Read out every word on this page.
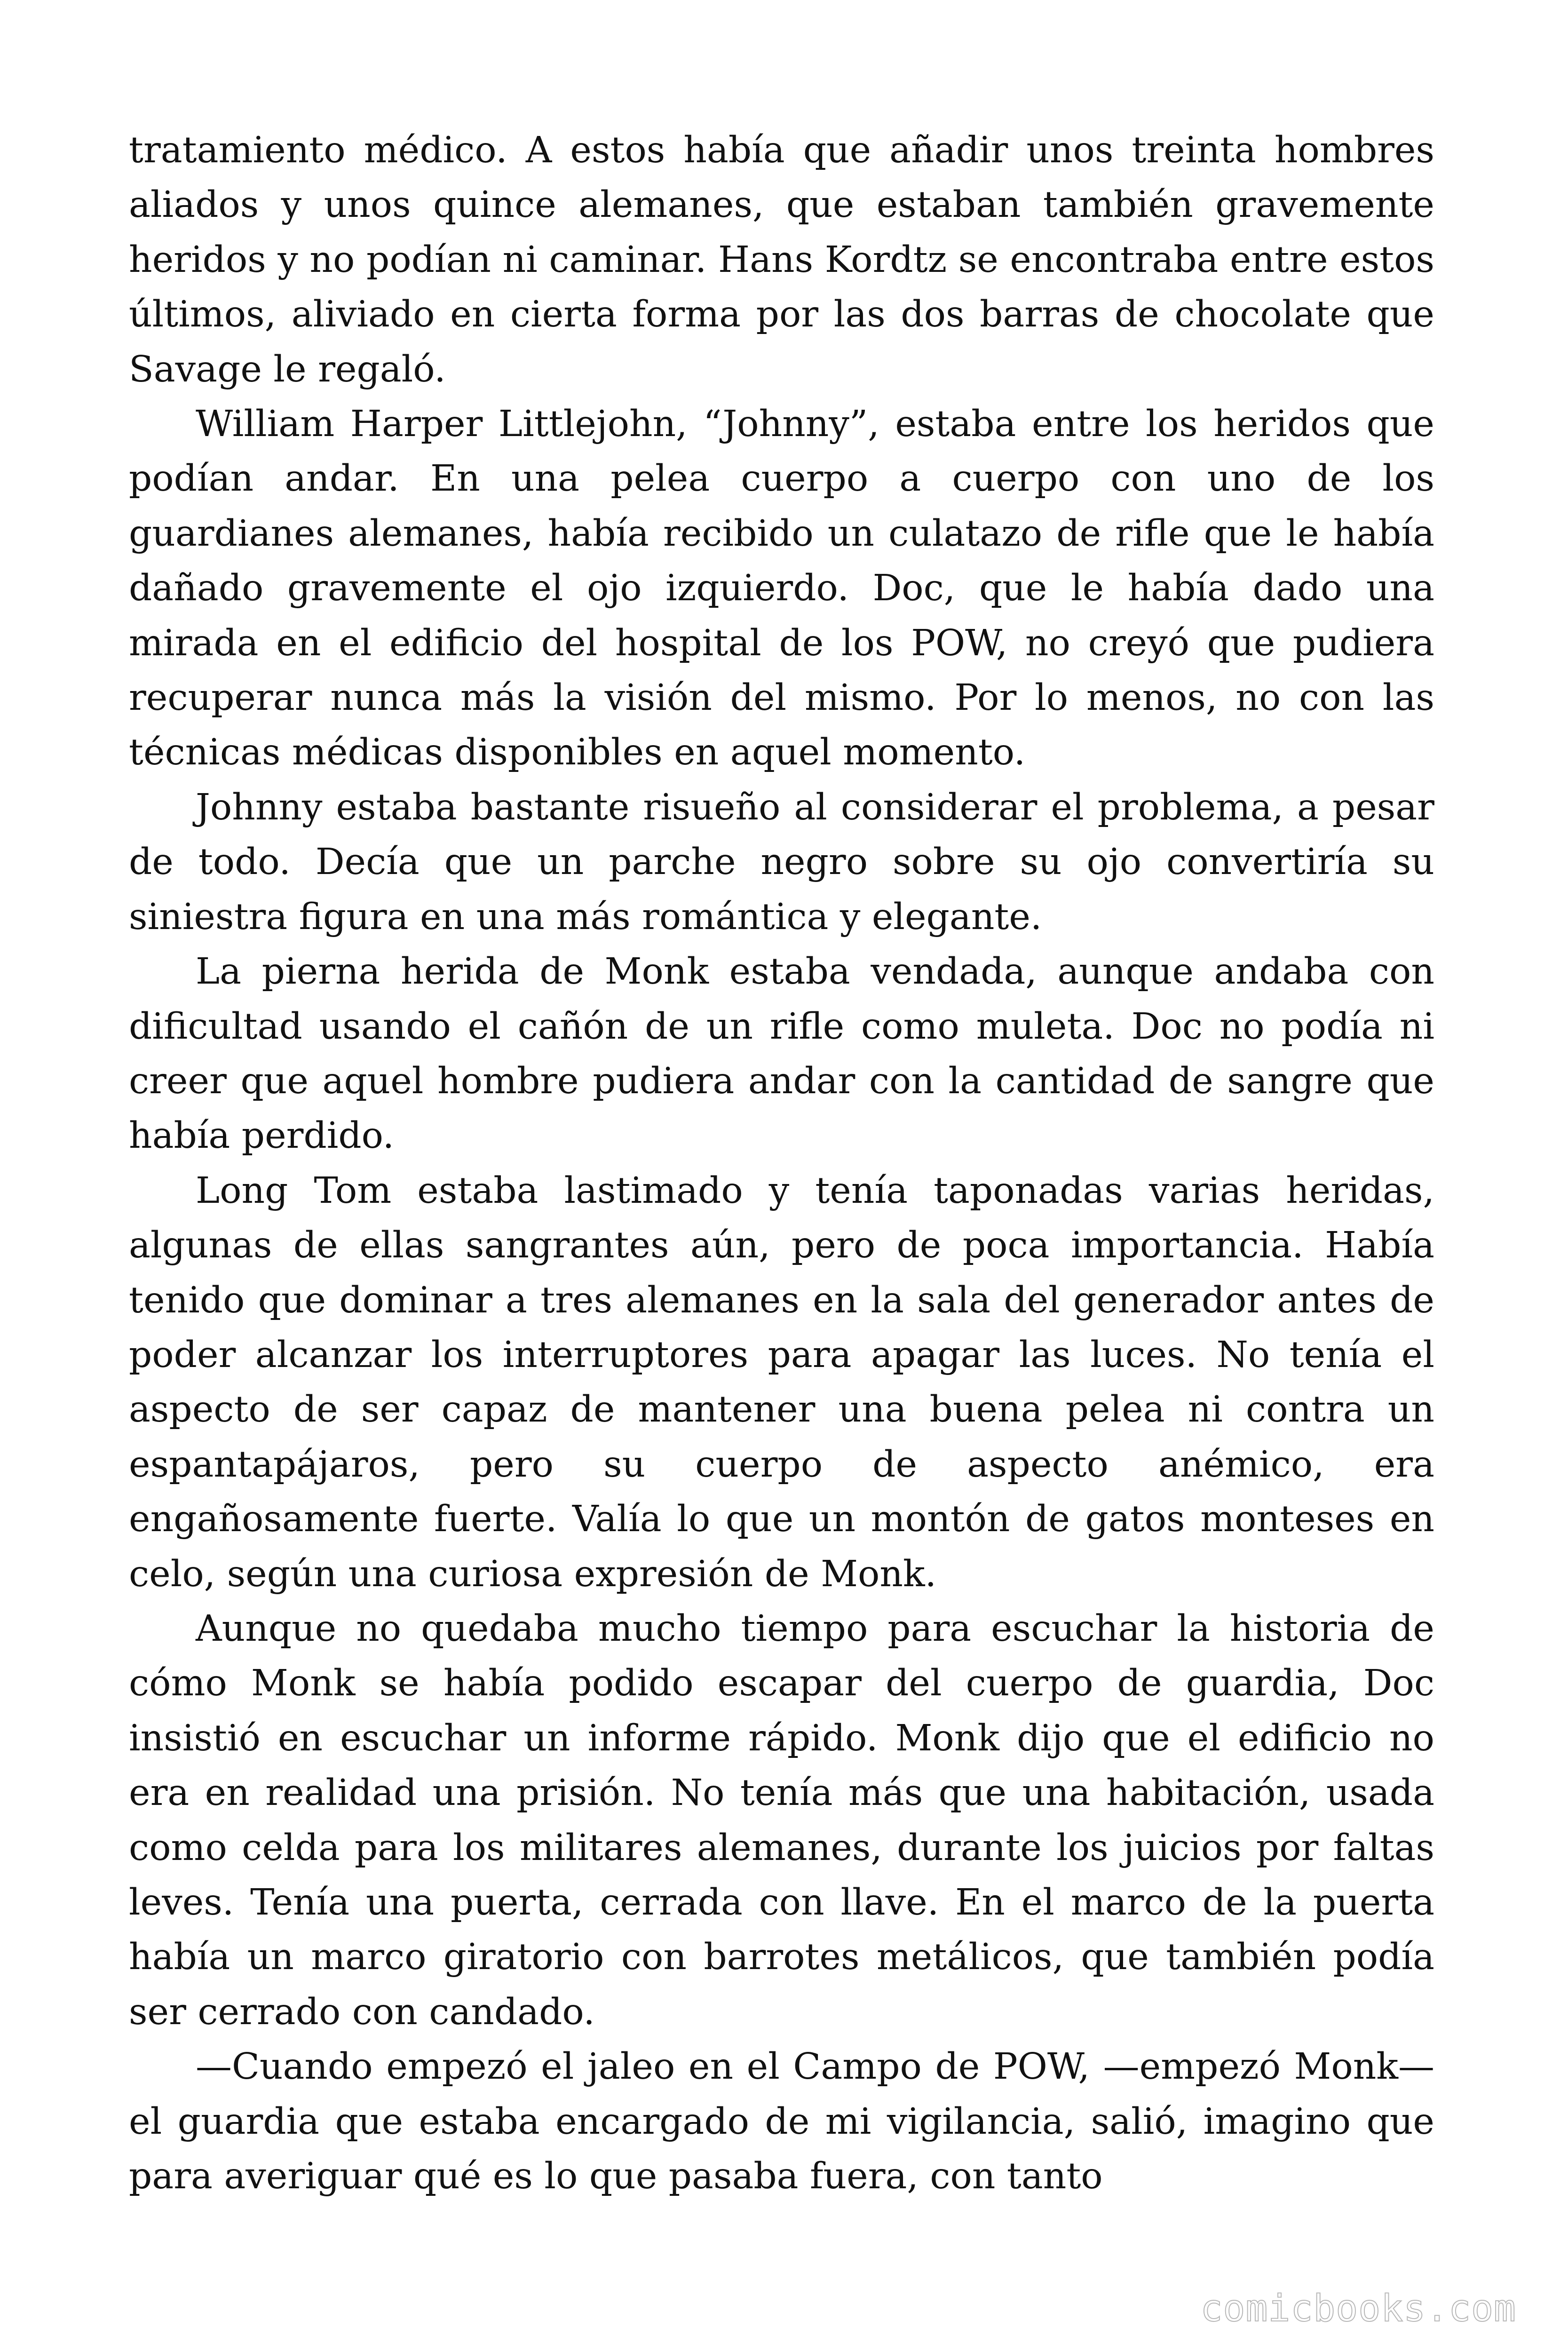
tratamiento médico. A estos había que añadir unos treinta hombres aliados y unos quince alemanes, que estaban también gravemente heridos y no podían ni caminar. Hans Kordtz se encontraba entre estos últimos, aliviado en cierta forma por las dos barras de chocolate que Savage le regaló.

William Harper Littlejohn, “Johnny”, estaba entre los heridos que podían andar. En una pelea cuerpo a cuerpo con uno de los guardianes alemanes, había recibido un culatazo de rifle que le había dañado gravemente el ojo izquierdo. Doc, que le había dado una mirada en el edificio del hospital de los POW, no creyó que pudiera recuperar nunca más la visión del mismo. Por lo menos, no con las técnicas médicas disponibles en aquel momento.

Johnny estaba bastante risueño al considerar el problema, a pesar de todo. Decía que un parche negro sobre su ojo convertiría su siniestra figura en una más romántica y elegante.

La pierna herida de Monk estaba vendada, aunque andaba con dificultad usando el cañón de un rifle como muleta. Doc no podía ni creer que aquel hombre pudiera andar con la cantidad de sangre que había perdido.

Long Tom estaba lastimado y tenía taponadas varias heridas, algunas de ellas sangrantes aún, pero de poca importancia. Había tenido que dominar a tres alemanes en la sala del generador antes de poder alcanzar los interruptores para apagar las luces. No tenía el aspecto de ser capaz de mantener una buena pelea ni contra un espantapájaros, pero su cuerpo de aspecto anémico, era engañosamente fuerte. Valía lo que un montón de gatos monteses en celo, según una curiosa expresión de Monk.

Aunque no quedaba mucho tiempo para escuchar la historia de cómo Monk se había podido escapar del cuerpo de guardia, Doc insistió en escuchar un informe rápido. Monk dijo que el edificio no era en realidad una prisión. No tenía más que una habitación, usada como celda para los militares alemanes, durante los juicios por faltas leves. Tenía una puerta, cerrada con llave. En el marco de la puerta había un marco giratorio con barrotes metálicos, que también podía ser cerrado con candado.

—Cuando empezó el jaleo en el Campo de POW, —empezó Monk— el guardia que estaba encargado de mi vigilancia, salió, imagino que para averiguar qué es lo que pasaba fuera, con tanto

comicbooks.com
